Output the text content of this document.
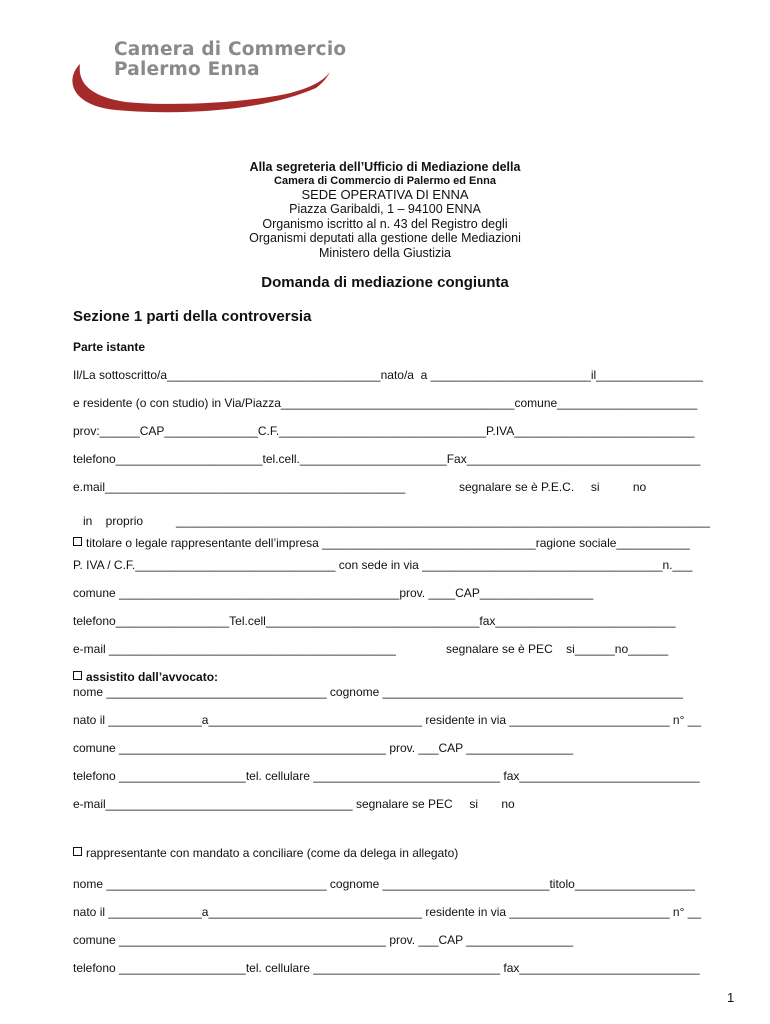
Camera di Commercio
Palermo Enna
Alla segreteria dell’Ufficio di Mediazione della
Camera di Commercio di Palermo ed Enna
SEDE OPERATIVA DI ENNA
Piazza Garibaldi, 1 – 94100 ENNA
Organismo iscritto al n. 43 del Registro degli
Organismi deputati alla gestione delle Mediazioni
Ministero della Giustizia
Domanda di mediazione congiunta
Sezione 1 parti della controversia
Parte istante
Il/La sottoscritto/a________________________________nato/a  a ________________________il________________
e residente (o con studio) in Via/Piazza___________________________________comune_____________________
prov:______CAP______________C.F._______________________________P.IVA___________________________
telefono______________________tel.cell.______________________Fax___________________________________
e.mail_____________________________________________	segnalare se è P.E.C.     si          no
in    proprio	________________________________________________________________________________
titolare o legale rappresentante dell’impresa ________________________________ragione sociale___________
P. IVA / C.F.______________________________ con sede in via ____________________________________n.___
comune __________________________________________prov. ____CAP_________________
telefono_________________Tel.cell________________________________fax___________________________
e-mail ___________________________________________	segnalare se è PEC    si______no______
assistito dall’avvocato:
nome _________________________________ cognome _____________________________________________
nato il ______________a________________________________ residente in via ________________________ n° __
comune ________________________________________ prov. ___CAP ________________
telefono ___________________tel. cellulare ____________________________ fax___________________________
e-mail_____________________________________ segnalare se PEC     si       no
rappresentante con mandato a conciliare (come da delega in allegato)
nome _________________________________ cognome _________________________titolo__________________
nato il ______________a________________________________ residente in via ________________________ n° __
comune ________________________________________ prov. ___CAP ________________
telefono ___________________tel. cellulare ____________________________ fax___________________________
1
